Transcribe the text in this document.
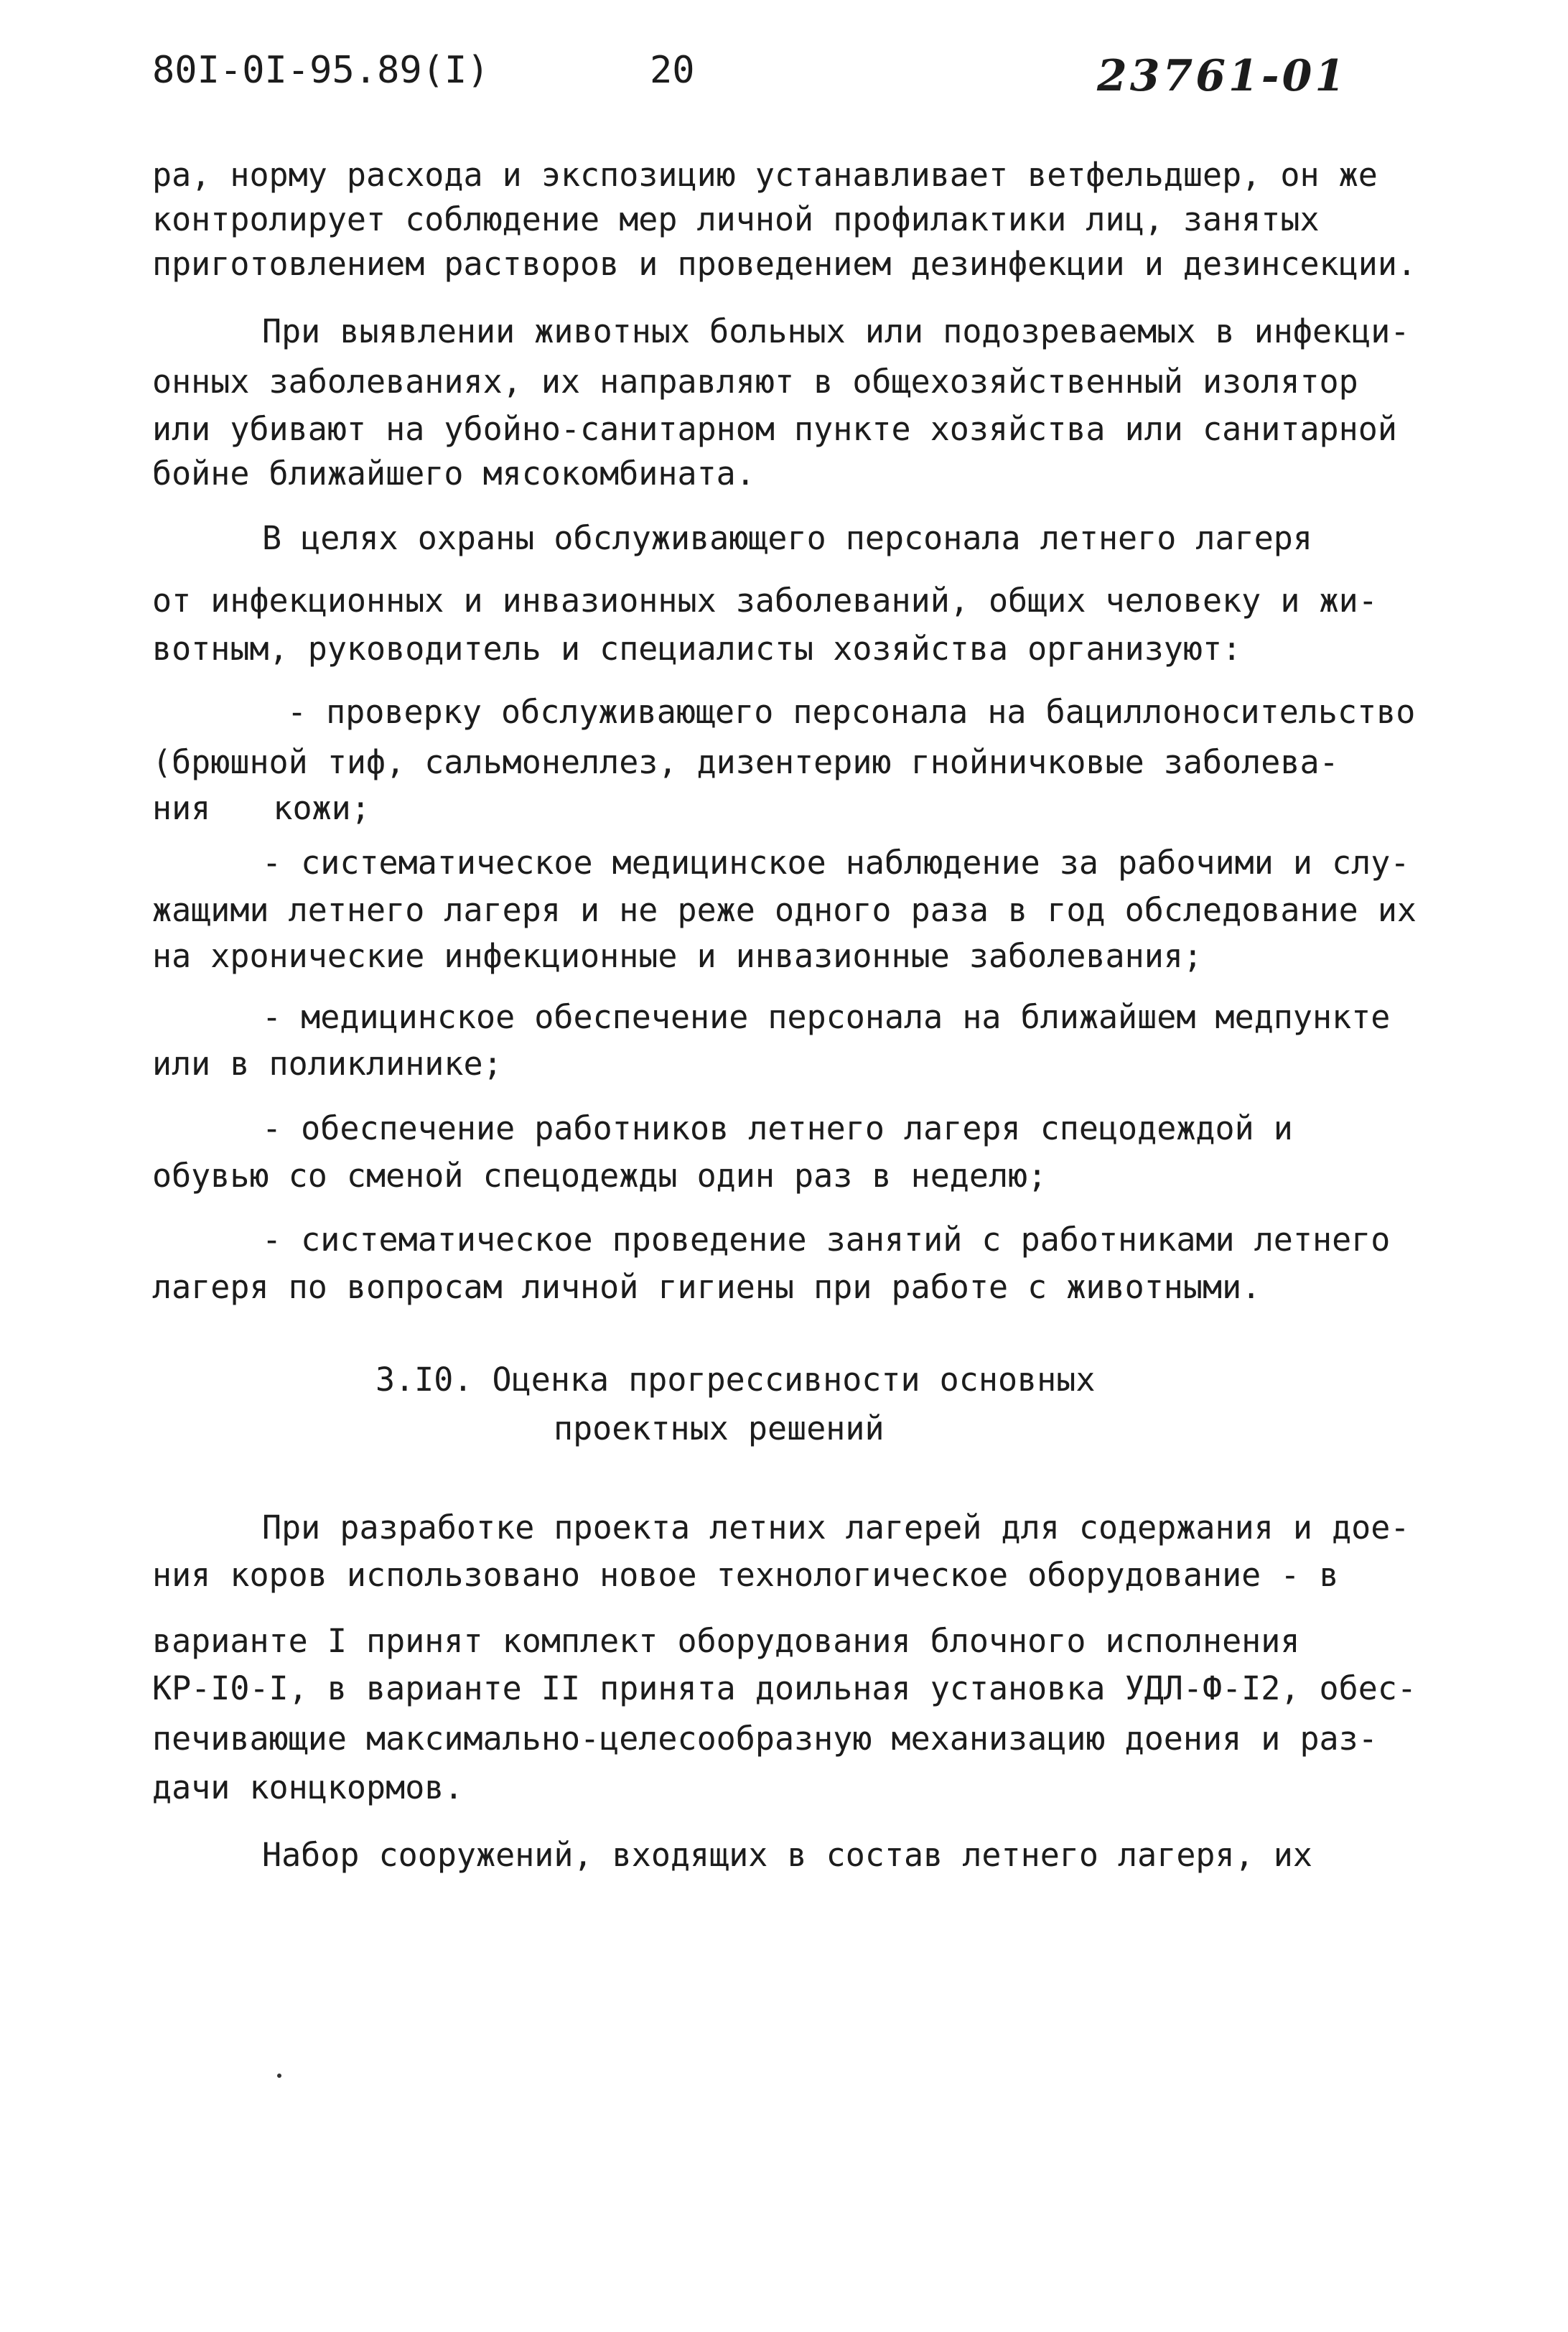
80I-0I-95.89(I)	20	23761-01
ра, норму расхода и экспозицию устанавливает ветфельдшер, он же
контролирует соблюдение мер личной профилактики лиц, занятых
приготовлением растворов и проведением дезинфекции и дезинсекции.
При выявлении животных больных или подозреваемых в инфекци-
онных заболеваниях, их направляют в общехозяйственный изолятор
или убивают на убойно-санитарном пункте хозяйства или санитарной
бойне ближайшего мясокомбината.
В целях охраны обслуживающего персонала летнего лагеря
от инфекционных и инвазионных заболеваний, общих человеку и жи-
вотным, руководитель и специалисты хозяйства организуют:
- проверку обслуживающего персонала на бациллоносительство
(брюшной тиф, сальмонеллез, дизентерию гнойничковые заболева-
ния кожи;
- систематическое медицинское наблюдение за рабочими и слу-
жащими летнего лагеря и не реже одного раза в год обследование их
на хронические инфекционные и инвазионные заболевания;
- медицинское обеспечение персонала на ближайшем медпункте
или в поликлинике;
- обеспечение работников летнего лагеря спецодеждой и
обувью со сменой спецодежды один раз в неделю;
- систематическое проведение занятий с работниками летнего
лагеря по вопросам личной гигиены при работе с животными.
3.I0. Оценка прогрессивности основных
проектных решений
При разработке проекта летних лагерей для содержания и дое-
ния коров использовано новое технологическое оборудование - в
варианте I принят комплект оборудования блочного исполнения
КР-I0-I, в варианте II принята доильная установка УДЛ-Ф-I2, обес-
печивающие максимально-целесообразную механизацию доения и раз-
дачи концкормов.
Набор сооружений, входящих в состав летнего лагеря, их
